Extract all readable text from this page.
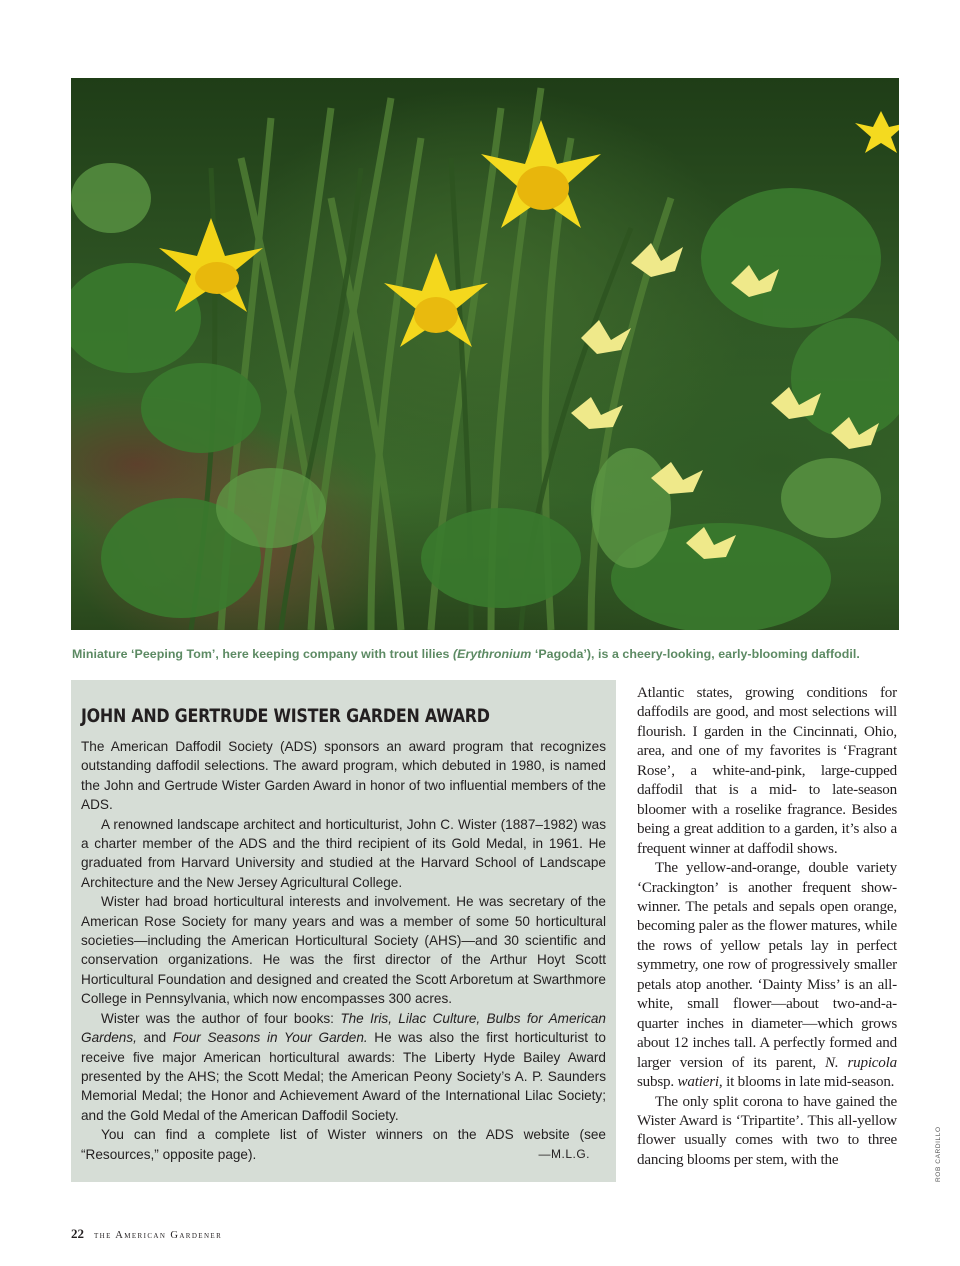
Miniature ‘Peeping Tom’, here keeping company with trout lilies (Erythronium ‘Pagoda’), is a cheery-looking, early-blooming daffodil.
JOHN AND GERTRUDE WISTER GARDEN AWARD

The American Daffodil Society (ADS) sponsors an award program that recognizes outstanding daffodil selections. The award program, which debuted in 1980, is named the John and Gertrude Wister Garden Award in honor of two influential members of the ADS.

A renowned landscape architect and horticulturist, John C. Wister (1887–1982) was a charter member of the ADS and the third recipient of its Gold Medal, in 1961. He graduated from Harvard University and studied at the Harvard School of Landscape Architecture and the New Jersey Agricultural College.

Wister had broad horticultural interests and involvement. He was secretary of the American Rose Society for many years and was a member of some 50 horticultural societies—including the American Horticultural Society (AHS)—and 30 scientific and conservation organizations. He was the first director of the Arthur Hoyt Scott Horticultural Foundation and designed and created the Scott Arboretum at Swarthmore College in Pennsylvania, which now encompasses 300 acres.

Wister was the author of four books: The Iris, Lilac Culture, Bulbs for American Gardens, and Four Seasons in Your Garden. He was also the first horticulturist to receive five major American horticultural awards: The Liberty Hyde Bailey Award presented by the AHS; the Scott Medal; the American Peony Society’s A. P. Saunders Memorial Medal; the Honor and Achievement Award of the International Lilac Society; and the Gold Medal of the American Daffodil Society.

You can find a complete list of Wister winners on the ADS website (see “Resources,” opposite page).	—M.L.G.

Atlantic states, growing conditions for daffodils are good, and most selections will flourish. I garden in the Cincinnati, Ohio, area, and one of my favorites is ‘Fragrant Rose’, a white-and-pink, large-cupped daffodil that is a mid- to late-season bloomer with a roselike fragrance. Besides being a great addition to a garden, it’s also a frequent winner at daffodil shows.

The yellow-and-orange, double variety ‘Crackington’ is another frequent show-winner. The petals and sepals open orange, becoming paler as the flower matures, while the rows of yellow petals lay in perfect symmetry, one row of progressively smaller petals atop another. ‘Dainty Miss’ is an all-white, small flower—about two-and-a-quarter inches in diameter—which grows about 12 inches tall. A perfectly formed and larger version of its parent, N. rupicola subsp. watieri, it blooms in late mid-season.

The only split corona to have gained the Wister Award is ‘Tripartite’. This all-yellow flower usually comes with two to three dancing blooms per stem, with the	ROB CARDILLO
22 the American Gardener
